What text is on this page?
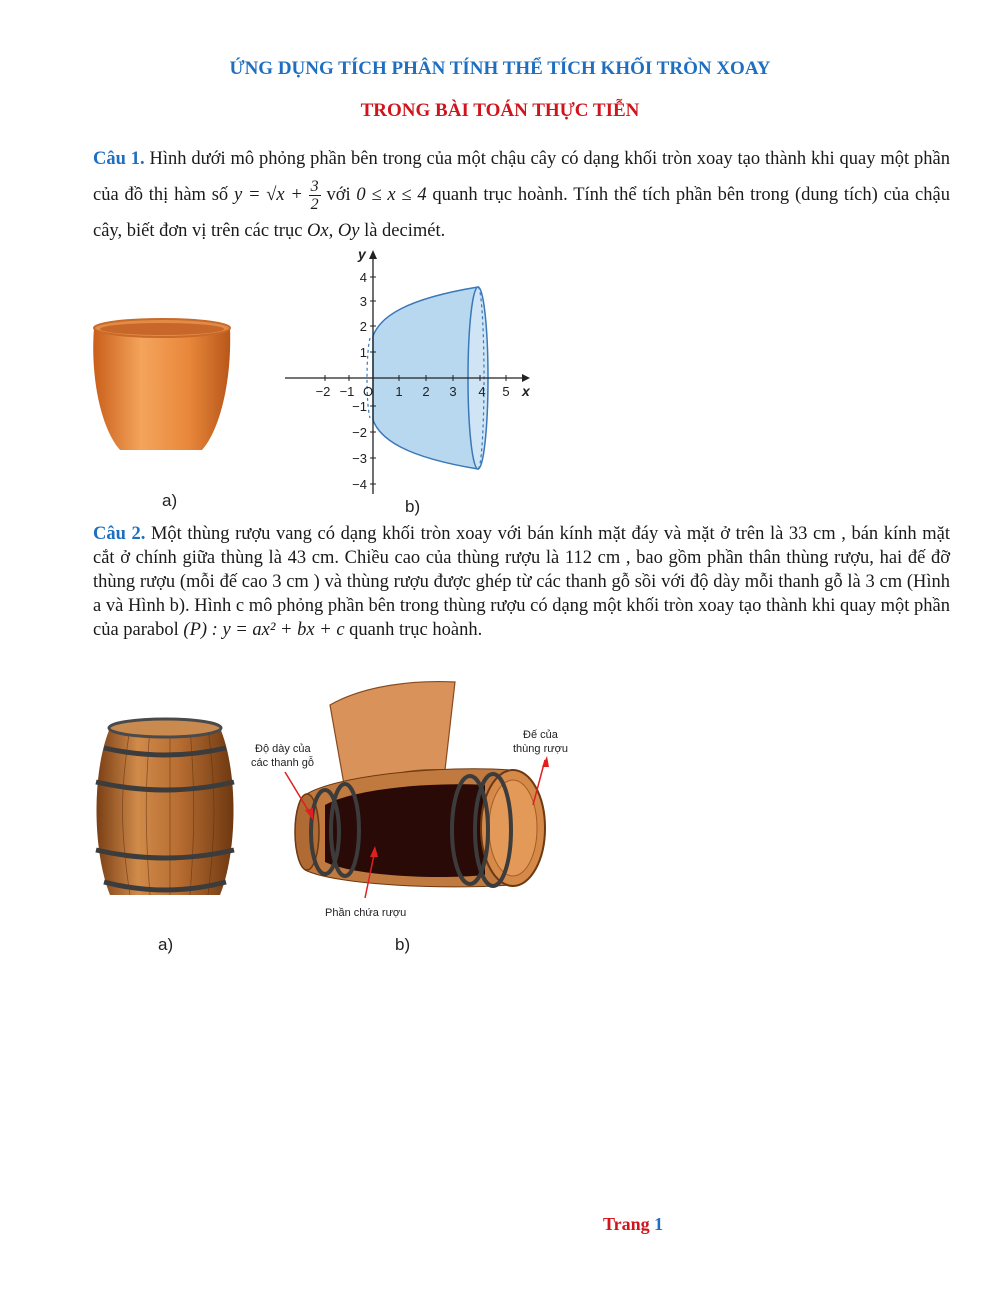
ỨNG DỤNG TÍCH PHÂN TÍNH THỂ TÍCH KHỐI TRÒN XOAY
TRONG BÀI TOÁN THỰC TIỄN
Câu 1. Hình dưới mô phỏng phần bên trong của một chậu cây có dạng khối tròn xoay tạo thành khi quay một phần của đồ thị hàm số $y = √x + \frac{3}{2}$ với 0 ≤ x ≤ 4 quanh trục hoành. Tính thể tích phần bên trong (dung tích) của chậu cây, biết đơn vị trên các trục Ox, Oy là decimét.
a)
y
x
O
−2 −1	1 2 3 4 5
4
3
2
1
−1
−2
−3
−4
b)
Câu 2. Một thùng rượu vang có dạng khối tròn xoay với bán kính mặt đáy và mặt ở trên là 33 cm , bán kính mặt cắt ở chính giữa thùng là 43 cm. Chiều cao của thùng rượu là 112 cm , bao gồm phần thân thùng rượu, hai đế đỡ thùng rượu (mỗi đế cao 3 cm ) và thùng rượu được ghép từ các thanh gỗ sồi với độ dày mỗi thanh gỗ là 3 cm (Hình a và Hình b). Hình c mô phỏng phần bên trong thùng rượu có dạng một khối tròn xoay tạo thành khi quay một phần của parabol (P) : y = ax² + bx + c quanh trục hoành.
a)
Độ dày của
các thanh gỗ
Đế của
thùng rượu
Phần chứa rượu
b)
Trang 1
